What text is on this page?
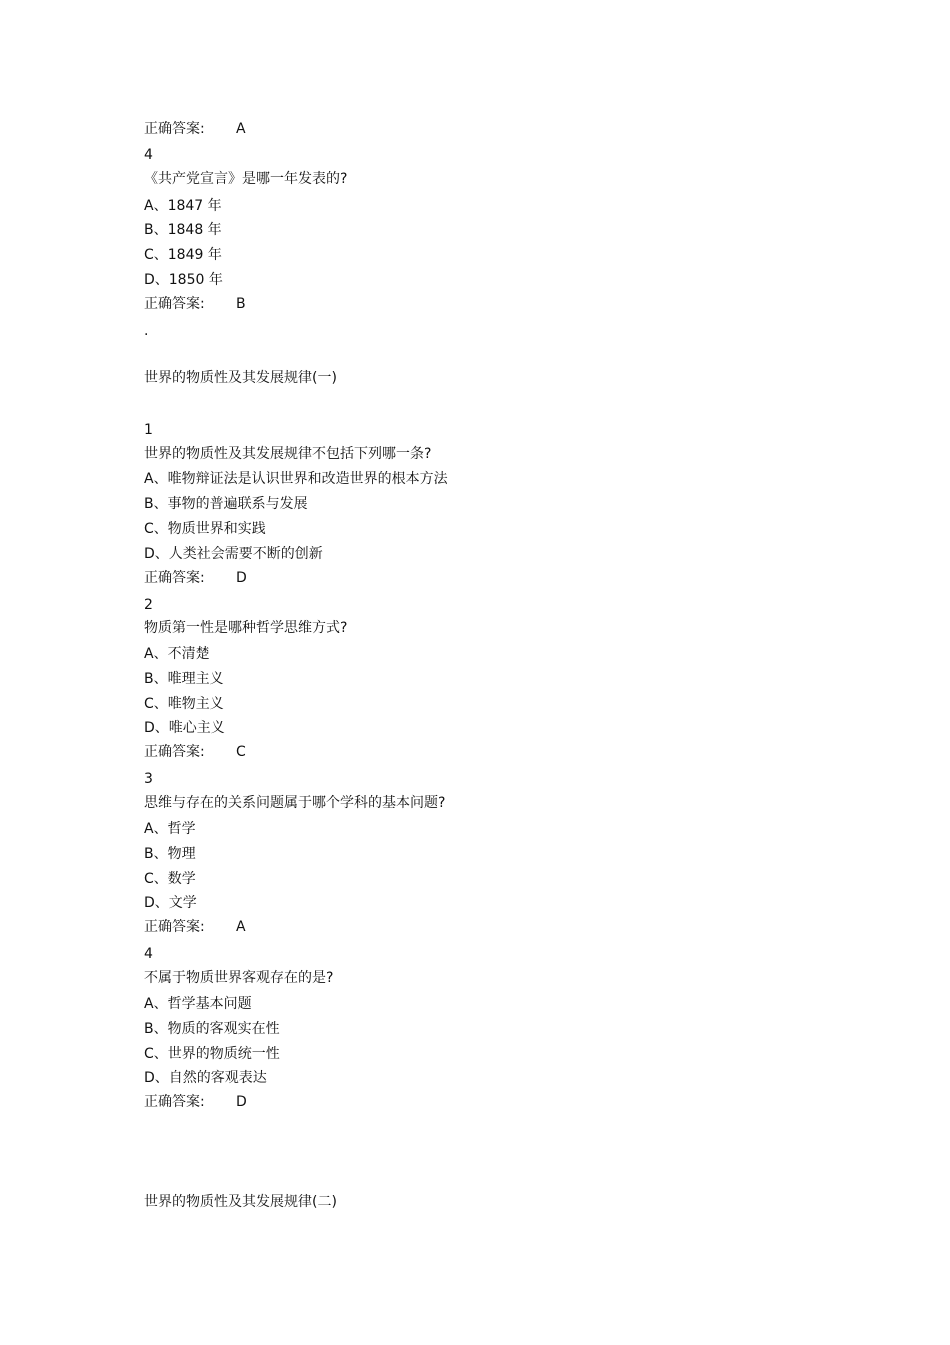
正确答案: A
4
《共产党宣言》是哪一年发表的?
A、1847 年
B、1848 年
C、1849 年
D、1850 年
正确答案: B
.
世界的物质性及其发展规律(一)
1
世界的物质性及其发展规律不包括下列哪一条?
A、唯物辩证法是认识世界和改造世界的根本方法
B、事物的普遍联系与发展
C、物质世界和实践
D、人类社会需要不断的创新
正确答案: D
2
物质第一性是哪种哲学思维方式?
A、不清楚
B、唯理主义
C、唯物主义
D、唯心主义
正确答案: C
3
思维与存在的关系问题属于哪个学科的基本问题?
A、哲学
B、物理
C、数学
D、文学
正确答案: A
4
不属于物质世界客观存在的是?
A、哲学基本问题
B、物质的客观实在性
C、世界的物质统一性
D、自然的客观表达
正确答案: D
世界的物质性及其发展规律(二)
